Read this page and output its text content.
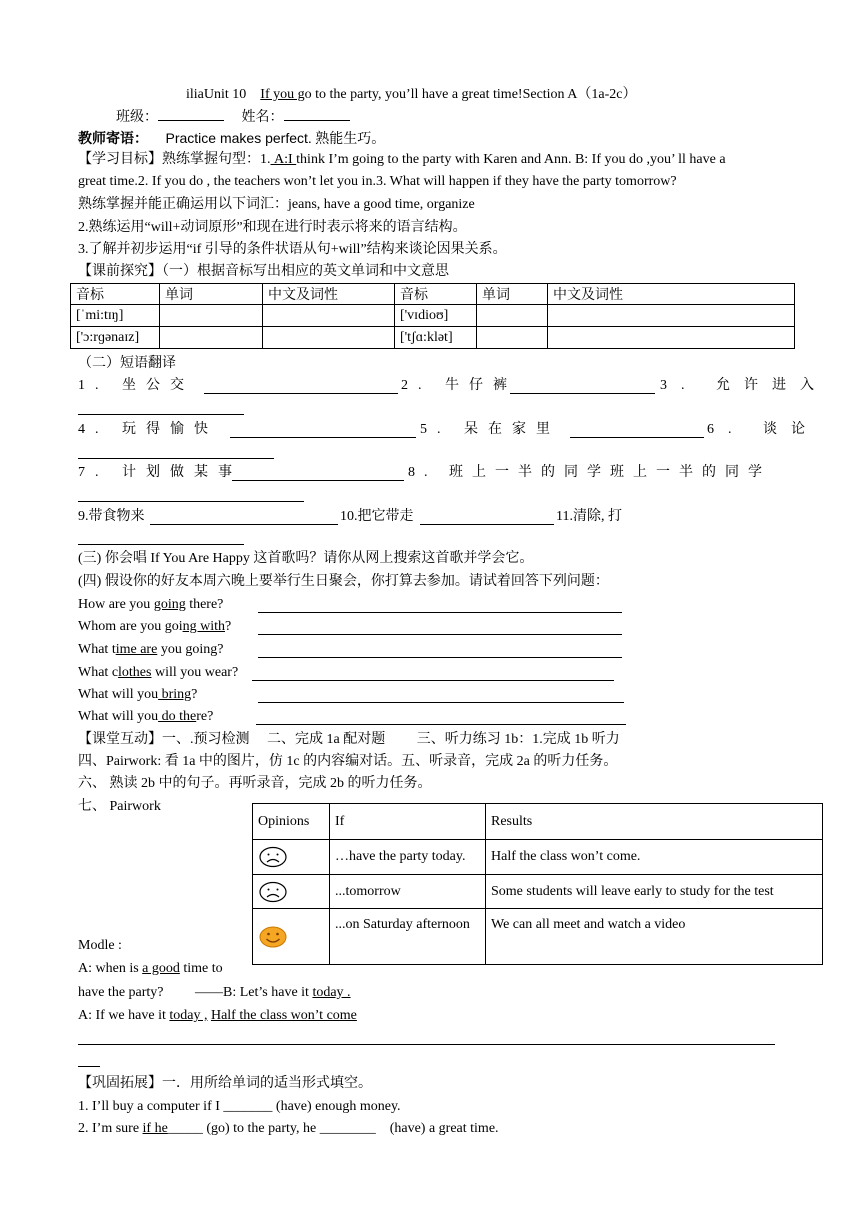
iliaUnit 10　If you go to the party, you’ll have a great time!Section A（1a-2c）
班级：	姓名：
教师寄语： Practice makes perfect. 熟能生巧。
【学习目标】熟练掌握句型：1. A:I think I’m going to the party with Karen and Ann. B: If you do ,you’ ll have a
great time.2. If you do , the teachers won’t let you in.3. What will happen if they have the party tomorrow?
熟练掌握并能正确运用以下词汇：jeans, have a good time, organize
2.熟练运用“will+动词原形”和现在进行时表示将来的语言结构。
3.了解并初步运用“if 引导的条件状语从句+will”结构来谈论因果关系。
【课前探究】（一）根据音标写出相应的英文单词和中文意思
音标	单词	中文及词性	音标	单词	中文及词性
[ˈmi:tɪŋ]			['vɪdioʊ]		
['ɔ:rɡənaɪz]			['tʃɑ:klət]		
（二）短语翻译
1. 坐公交	2. 牛仔裤	3. 允许进入
4. 玩得愉快	5. 呆在家里	6. 谈论
7. 计划做某事	8. 班上一半的同学班上一半的同学
9.带食物来	10.把它带走	11.清除, 打
(三) 你会唱 If You Are Happy 这首歌吗？请你从网上搜索这首歌并学会它。
(四) 假设你的好友本周六晚上要举行生日聚会，你打算去参加。请试着回答下列问题：
How are you going there?
Whom are you going with?
What time are you going?
What clothes will you wear?
What will you bring?
What will you do there?
【课堂互动】一、.预习检测　 二、完成 1a 配对题　　 三、听力练习 1b：1.完成 1b 听力
四、Pairwork: 看 1a 中的图片，仿 1c 的内容编对话。五、听录音，完成 2a 的听力任务。
六、 熟读 2b 中的句子。再听录音，完成 2b 的听力任务。
七、 Pairwork
Opinions	If	Results

	…have the party today.	Half the class won’t come.

	...tomorrow	Some students will leave early to study for the test

	...on Saturday afternoon	We can all meet and watch a video
Modle :
A: when is a good time to
have the party?　　 ——B: Let’s have it today .
A: If we have it today , Half the class won’t come
【巩固拓展】一．用所给单词的适当形式填空。
1. I’ll buy a computer if I _______ (have) enough money.
2. I’m sure if he_____ (go) to the party, he ________　(have) a great time.
